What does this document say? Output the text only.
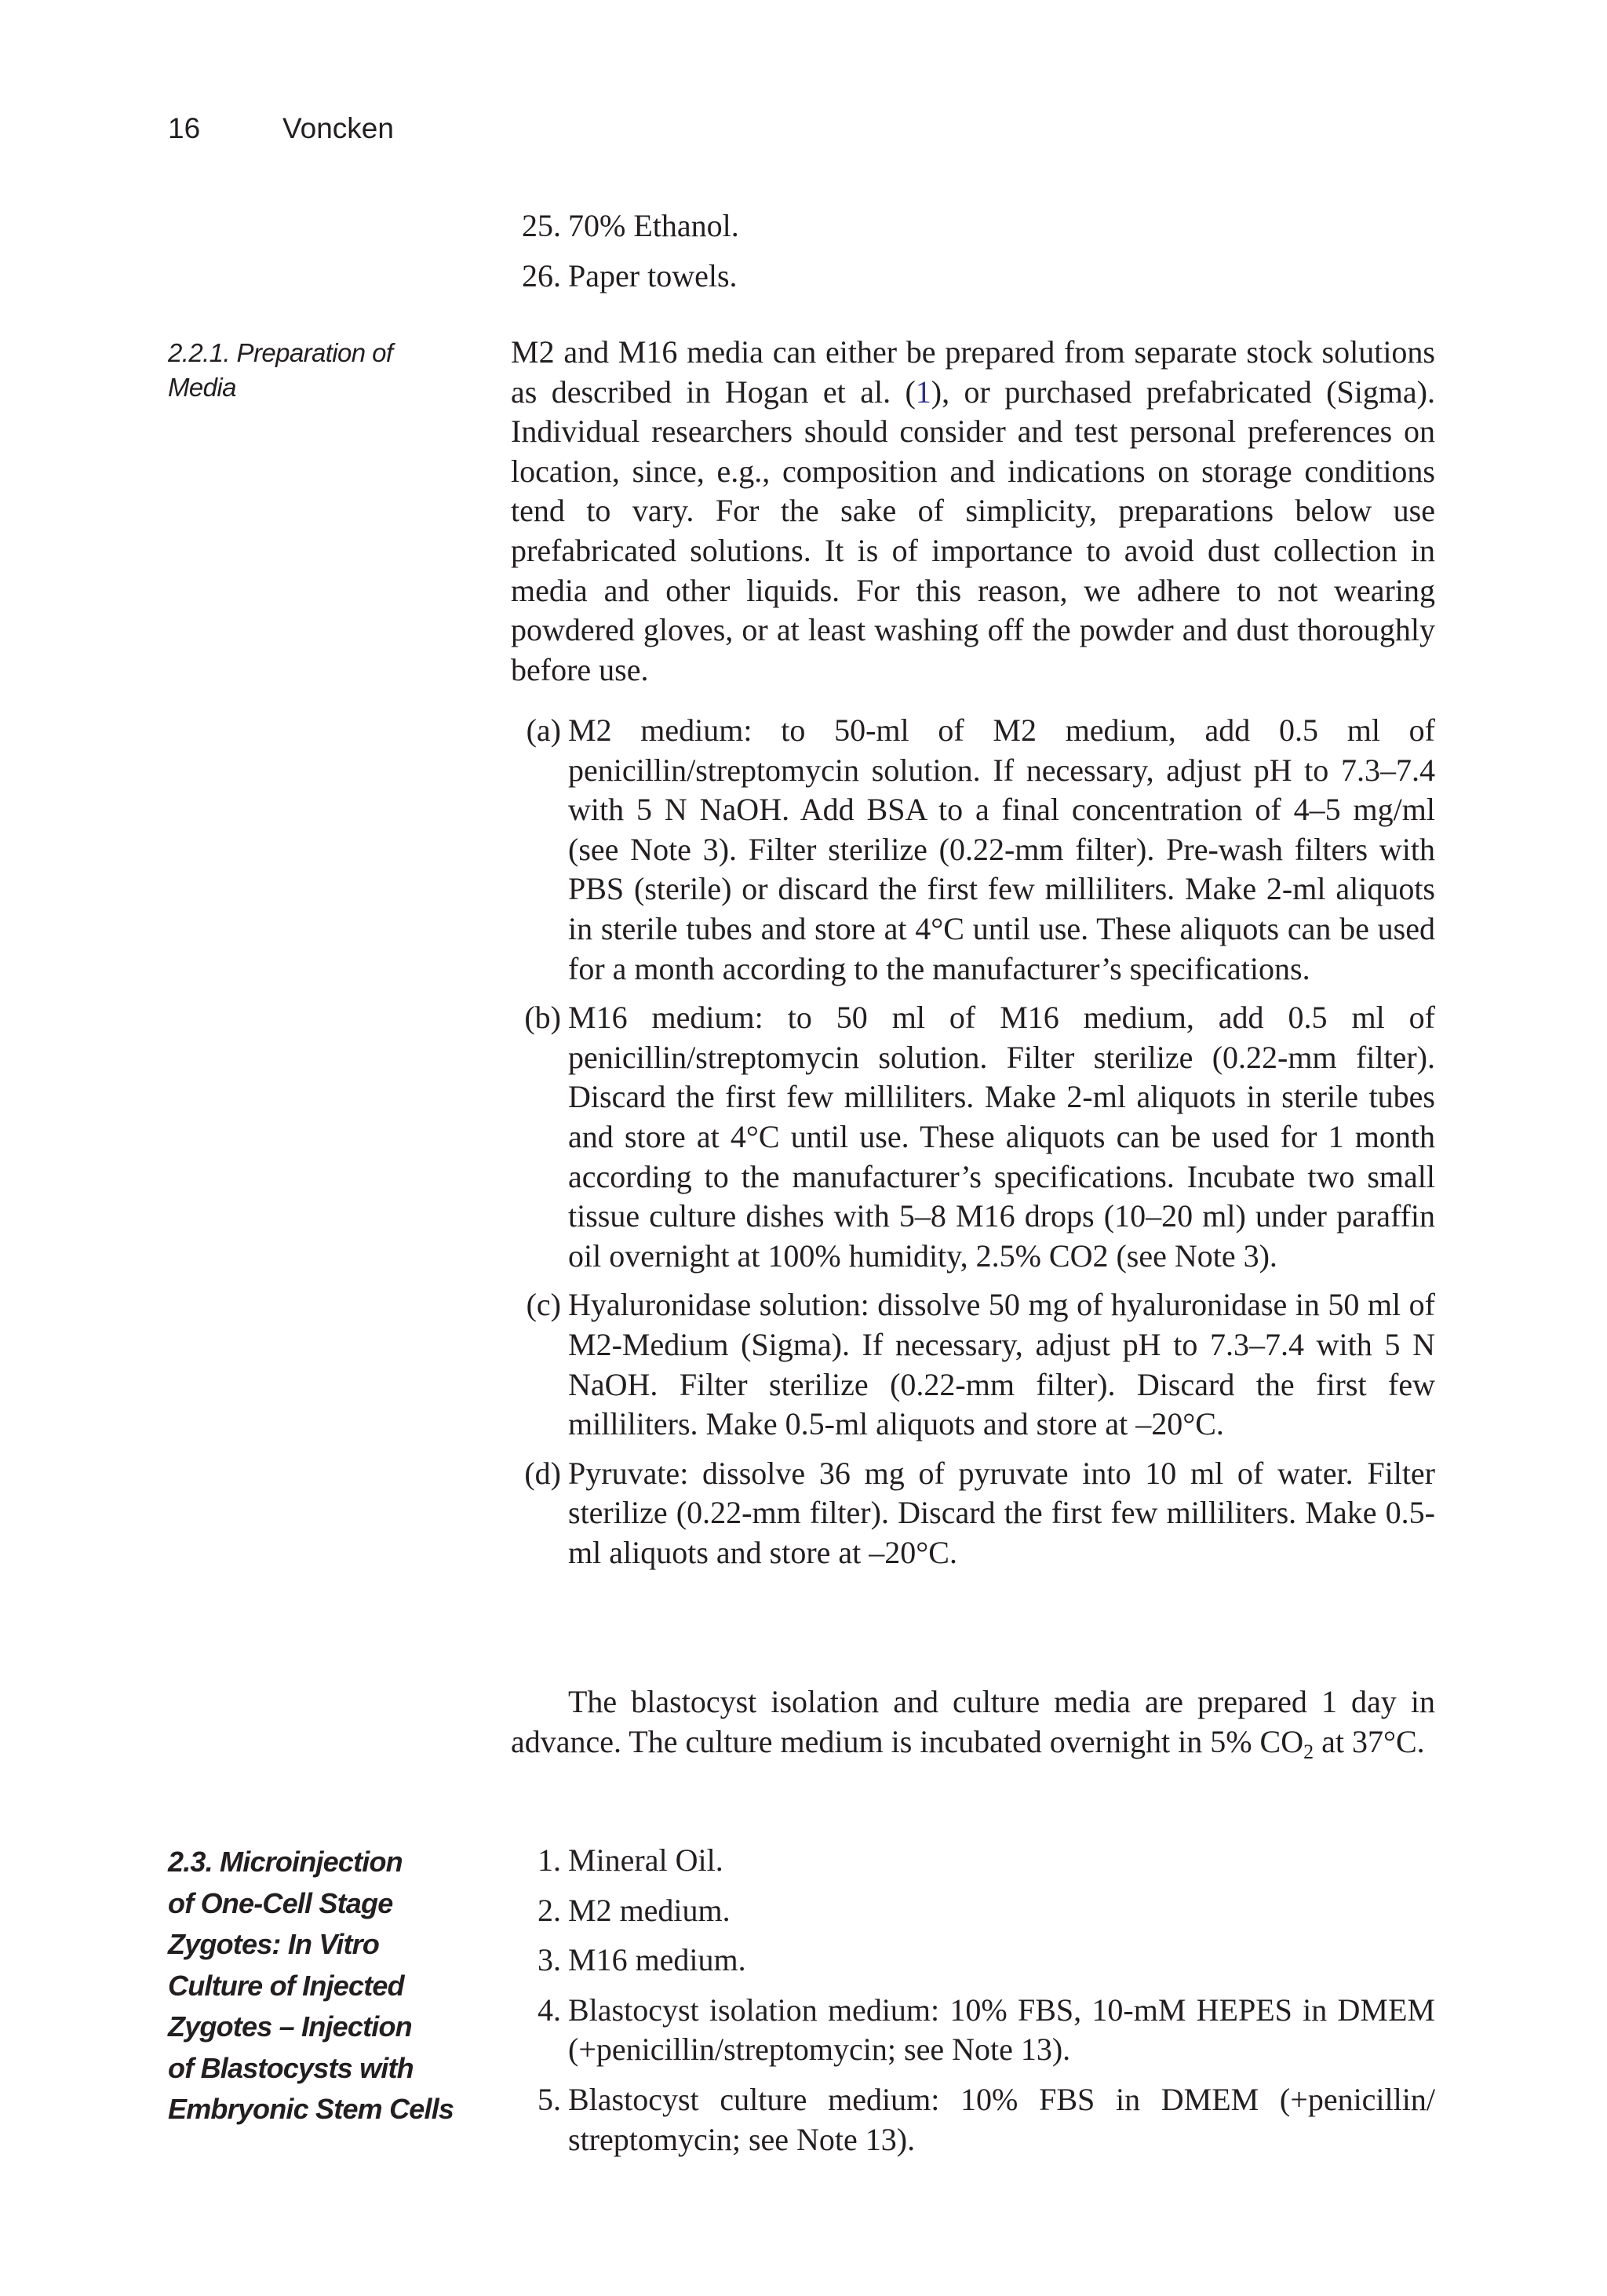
16	Voncken
25. 70% Ethanol.
26. Paper towels.
2.2.1. Preparation of Media

M2 and M16 media can either be prepared from separate stock solutions as described in Hogan et al. (1), or purchased prefabricated (Sigma). Individual researchers should consider and test personal preferences on location, since, e.g., composition and indications on storage conditions tend to vary. For the sake of simplicity, preparations below use prefabricated solutions. It is of importance to avoid dust collection in media and other liquids. For this reason, we adhere to not wearing powdered gloves, or at least washing off the powder and dust thoroughly before use.

(a) M2 medium: to 50-ml of M2 medium, add 0.5 ml of penicillin/streptomycin solution. If necessary, adjust pH to 7.3–7.4 with 5 N NaOH. Add BSA to a final concentration of 4–5 mg/ml (see Note 3). Filter sterilize (0.22-mm filter). Pre-wash filters with PBS (sterile) or discard the first few milliliters. Make 2-ml aliquots in sterile tubes and store at 4°C until use. These aliquots can be used for a month according to the manufacturer’s specifications.
(b) M16 medium: to 50 ml of M16 medium, add 0.5 ml of penicillin/streptomycin solution. Filter sterilize (0.22-mm filter). Discard the first few milliliters. Make 2-ml aliquots in sterile tubes and store at 4°C until use. These aliquots can be used for 1 month according to the manufacturer’s specifications. Incubate two small tissue culture dishes with 5–8 M16 drops (10–20 ml) under paraffin oil overnight at 100% humidity, 2.5% CO2 (see Note 3).
(c) Hyaluronidase solution: dissolve 50 mg of hyaluronidase in 50 ml of M2-Medium (Sigma). If necessary, adjust pH to 7.3–7.4 with 5 N NaOH. Filter sterilize (0.22-mm filter). Discard the first few milliliters. Make 0.5-ml aliquots and store at –20°C.
(d) Pyruvate: dissolve 36 mg of pyruvate into 10 ml of water. Filter sterilize (0.22-mm filter). Discard the first few milliliters. Make 0.5-ml aliquots and store at –20°C.

The blastocyst isolation and culture media are prepared 1 day in advance. The culture medium is incubated overnight in 5% $CO_2$ at 37°C.

2.3. Microinjection
of One-Cell Stage
Zygotes: In Vitro
Culture of Injected
Zygotes – Injection
of Blastocysts with
Embryonic Stem Cells
1. Mineral Oil.
2. M2 medium.
3. M16 medium.
4. Blastocyst isolation medium: 10% FBS, 10-mM HEPES in DMEM (+penicillin/streptomycin; see Note 13).
5. Blastocyst culture medium: 10% FBS in DMEM (+penicillin/ streptomycin; see Note 13).
